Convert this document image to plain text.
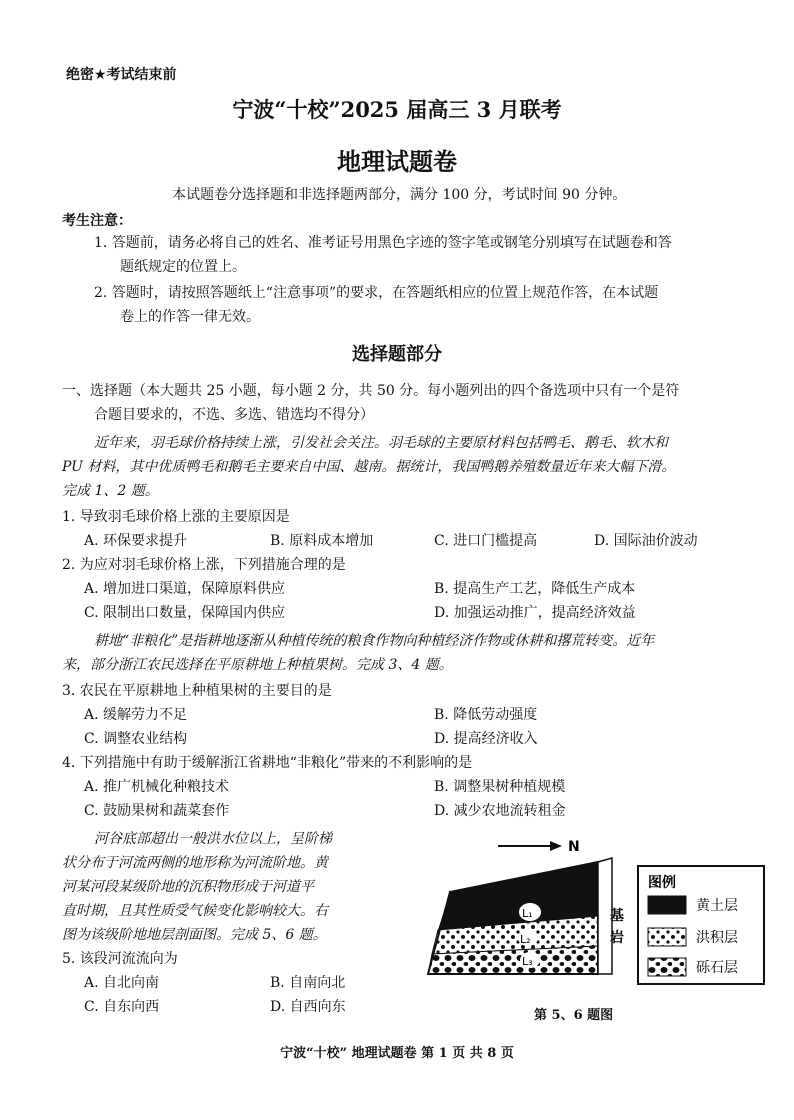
绝密★考试结束前
宁波“十校”2025 届高三 3 月联考
地理试题卷
本试题卷分选择题和非选择题两部分，满分 100 分，考试时间 90 分钟。
考生注意：
1. 答题前，请务必将自己的姓名、准考证号用黑色字迹的签字笔或钢笔分别填写在试题卷和答
题纸规定的位置上。
2. 答题时，请按照答题纸上“注意事项”的要求，在答题纸相应的位置上规范作答，在本试题
卷上的作答一律无效。
选择题部分
一、选择题（本大题共 25 小题，每小题 2 分，共 50 分。每小题列出的四个备选项中只有一个是符
合题目要求的，不选、多选、错选均不得分）
近年来，羽毛球价格持续上涨，引发社会关注。羽毛球的主要原材料包括鸭毛、鹅毛、软木和
PU 材料，其中优质鸭毛和鹅毛主要来自中国、越南。据统计，我国鸭鹅养殖数量近年来大幅下滑。
完成 1、2 题。
1. 导致羽毛球价格上涨的主要原因是
A. 环保要求提升	B. 原料成本增加	C. 进口门槛提高	D. 国际油价波动
2. 为应对羽毛球价格上涨，下列措施合理的是
A. 增加进口渠道，保障原料供应	B. 提高生产工艺，降低生产成本
C. 限制出口数量，保障国内供应	D. 加强运动推广，提高经济效益
耕地“非粮化”是指耕地逐渐从种植传统的粮食作物向种植经济作物或休耕和撂荒转变。近年
来，部分浙江农民选择在平原耕地上种植果树。完成 3、4 题。
3. 农民在平原耕地上种植果树的主要目的是
A. 缓解劳力不足	B. 降低劳动强度
C. 调整农业结构	D. 提高经济收入
4. 下列措施中有助于缓解浙江省耕地“非粮化”带来的不利影响的是
A. 推广机械化种粮技术	B. 调整果树种植规模
C. 鼓励果树和蔬菜套作	D. 减少农地流转租金
河谷底部超出一般洪水位以上，呈阶梯
状分布于河流两侧的地形称为河流阶地。黄
河某河段某级阶地的沉积物形成于河道平
直时期，且其性质受气候变化影响较大。右
图为该级阶地地层剖面图。完成 5、6 题。
5. 该段河流流向为
A. 自北向南	B. 自南向北
C. 自东向西	D. 自西向东
N
基
岩
L₁
L₂
L₃
图例
黄土层
洪积层
砾石层
第 5、6 题图
宁波“十校” 地理试题卷 第 1 页 共 8 页
